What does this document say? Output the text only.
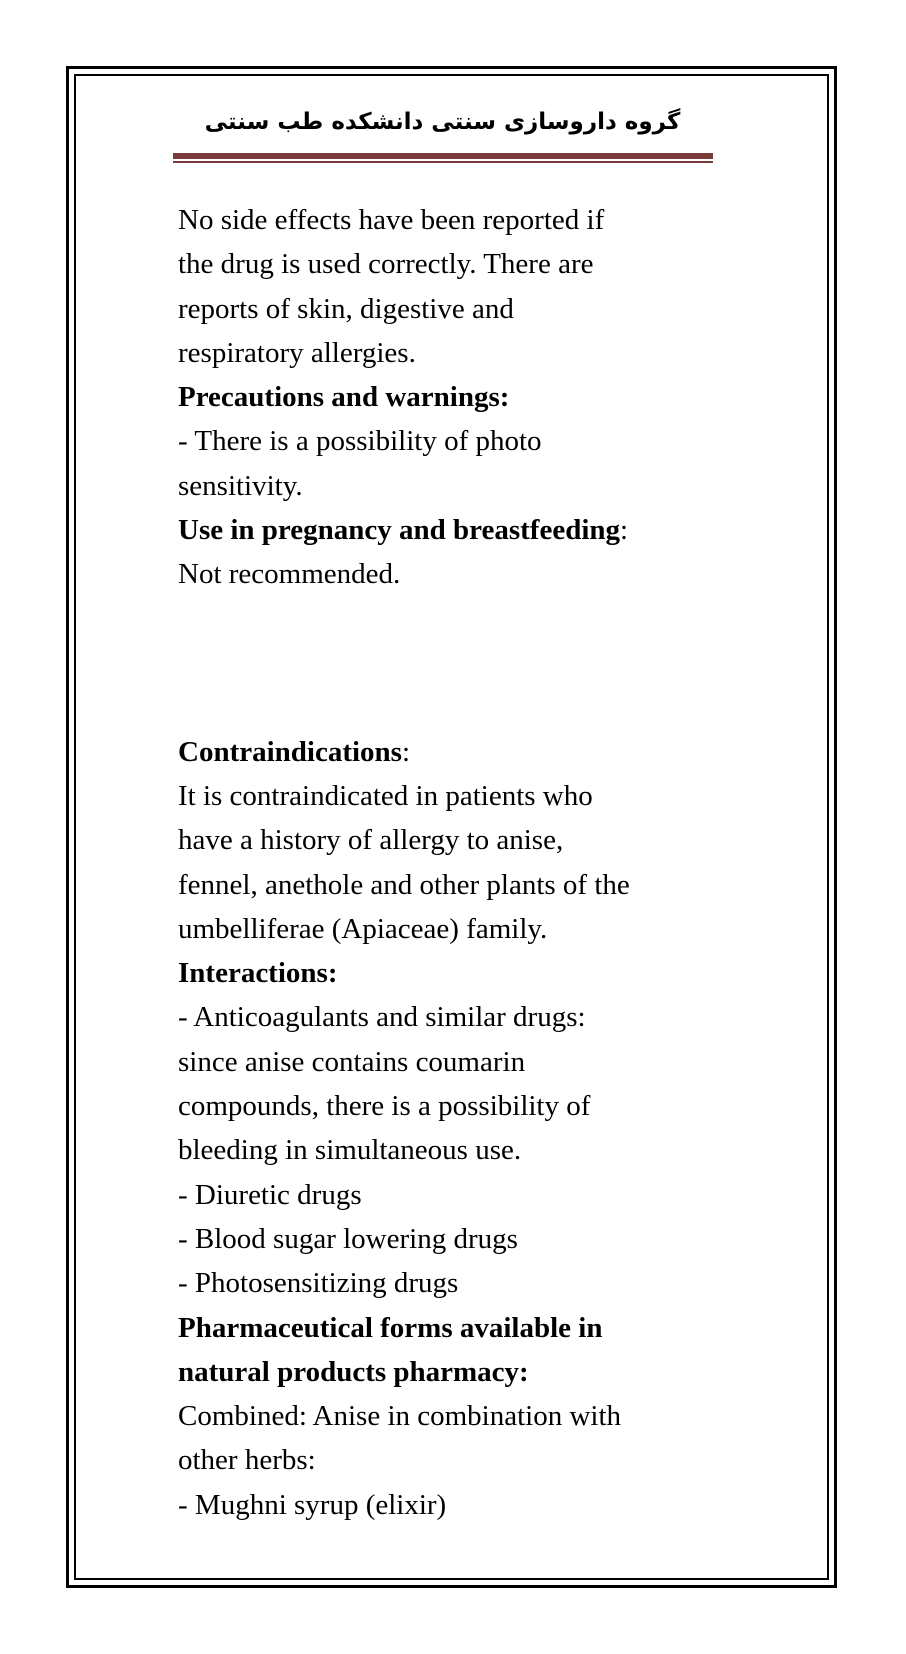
گروه داروسازی سنتی دانشکده طب سنتی
No side effects have been reported if
the drug is used correctly. There are
reports of skin, digestive and
respiratory allergies.
Precautions and warnings:
- There is a possibility of photo
sensitivity.
Use in pregnancy and breastfeeding:
Not recommended.
Contraindications:
It is contraindicated in patients who
have a history of allergy to anise,
fennel, anethole and other plants of the
umbelliferae (Apiaceae) family.
Interactions:
- Anticoagulants and similar drugs:
since anise contains coumarin
compounds, there is a possibility of
bleeding in simultaneous use.
- Diuretic drugs
- Blood sugar lowering drugs
- Photosensitizing drugs
Pharmaceutical forms available in
natural products pharmacy:
Combined: Anise in combination with
other herbs:
- Mughni syrup (elixir)
